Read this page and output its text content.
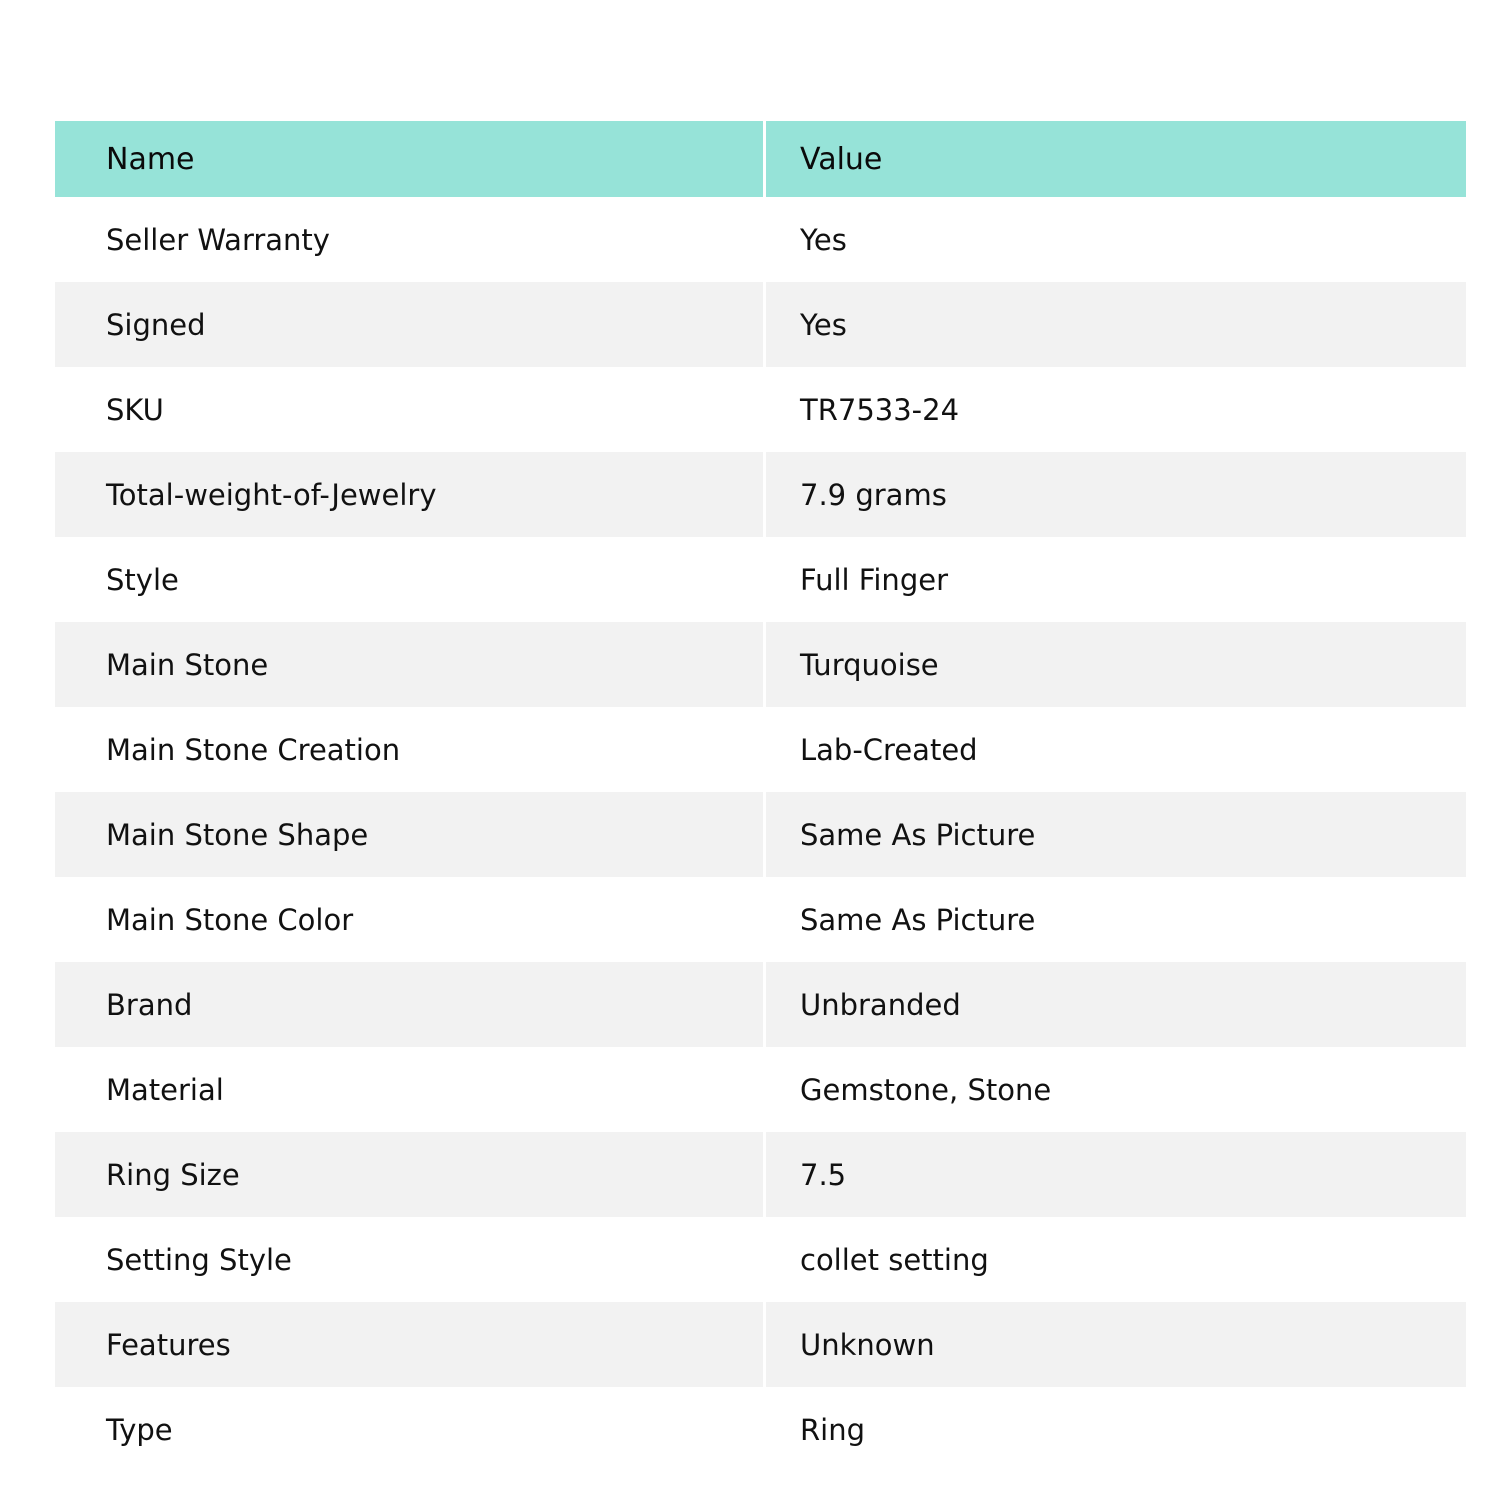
Name	Value
Seller Warranty	Yes
Signed	Yes
SKU	TR7533-24
Total-weight-of-Jewelry	7.9 grams
Style	Full Finger
Main Stone	Turquoise
Main Stone Creation	Lab-Created
Main Stone Shape	Same As Picture
Main Stone Color	Same As Picture
Brand	Unbranded
Material	Gemstone, Stone
Ring Size	7.5
Setting Style	collet setting
Features	Unknown
Type	Ring
